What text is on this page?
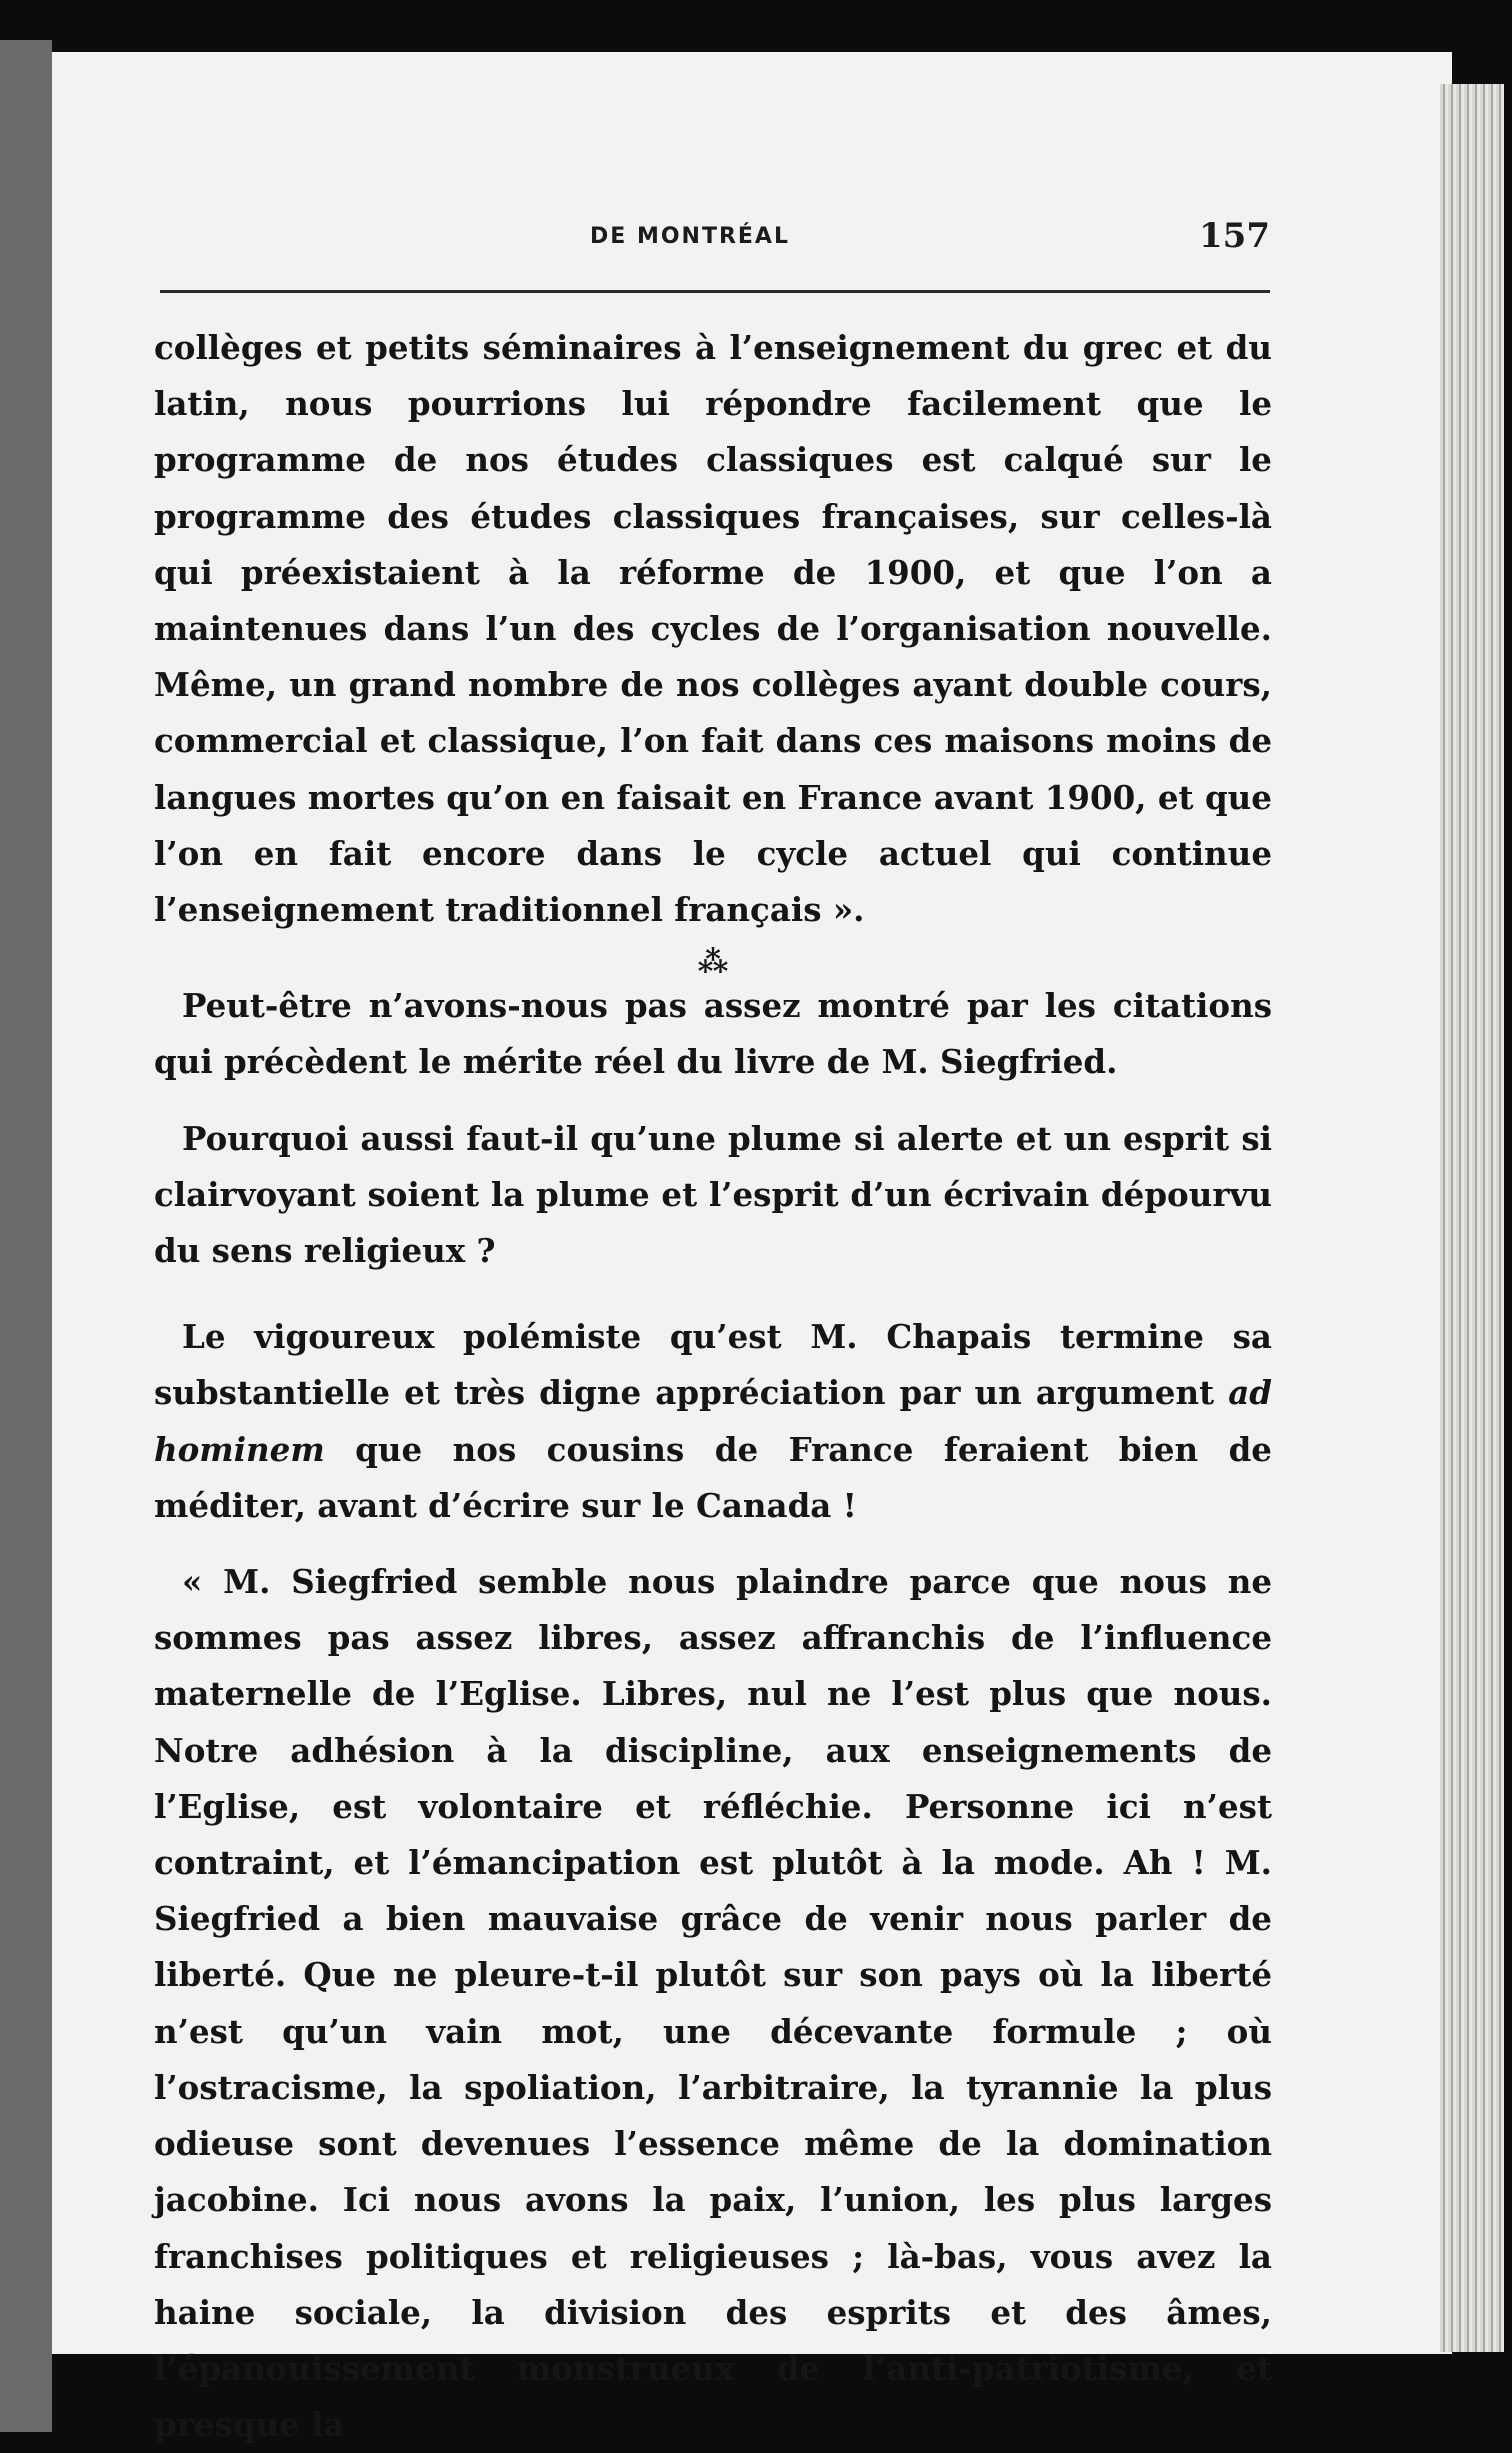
DE MONTRÉAL	157

collèges et petits séminaires à l’enseignement du grec et du latin, nous pourrions lui répondre facilement que le programme de nos études classiques est calqué sur le programme des études classiques françaises, sur celles-là qui préexistaient à la réforme de 1900, et que l’on a maintenues dans l’un des cycles de l’organisation nouvelle. Même, un grand nombre de nos collèges ayant double cours, commercial et classique, l’on fait dans ces maisons moins de langues mortes qu’on en faisait en France avant 1900, et que l’on en fait encore dans le cycle actuel qui continue l’enseignement traditionnel français ».

⁂

Peut-être n’avons-nous pas assez montré par les citations qui précèdent le mérite réel du livre de M. Siegfried.

Pourquoi aussi faut-il qu’une plume si alerte et un esprit si clairvoyant soient la plume et l’esprit d’un écrivain dépourvu du sens religieux ?

Le vigoureux polémiste qu’est M. Chapais termine sa substantielle et très digne appréciation par un argument ad hominem que nos cousins de France feraient bien de méditer, avant d’écrire sur le Canada !

« M. Siegfried semble nous plaindre parce que nous ne sommes pas assez libres, assez affranchis de l’influence maternelle de l’Eglise. Libres, nul ne l’est plus que nous. Notre adhésion à la discipline, aux enseignements de l’Eglise, est volontaire et réfléchie. Personne ici n’est contraint, et l’émancipation est plutôt à la mode. Ah ! M. Siegfried a bien mauvaise grâce de venir nous parler de liberté. Que ne pleure-t-il plutôt sur son pays où la liberté n’est qu’un vain mot, une décevante formule ; où l’ostracisme, la spoliation, l’arbitraire, la tyrannie la plus odieuse sont devenues l’essence même de la domination jacobine. Ici nous avons la paix, l’union, les plus larges franchises politiques et religieuses ; là-bas, vous avez la haine sociale, la division des esprits et des âmes, l’épanouissement monstrueux de l’anti-patriotisme, et presque la
